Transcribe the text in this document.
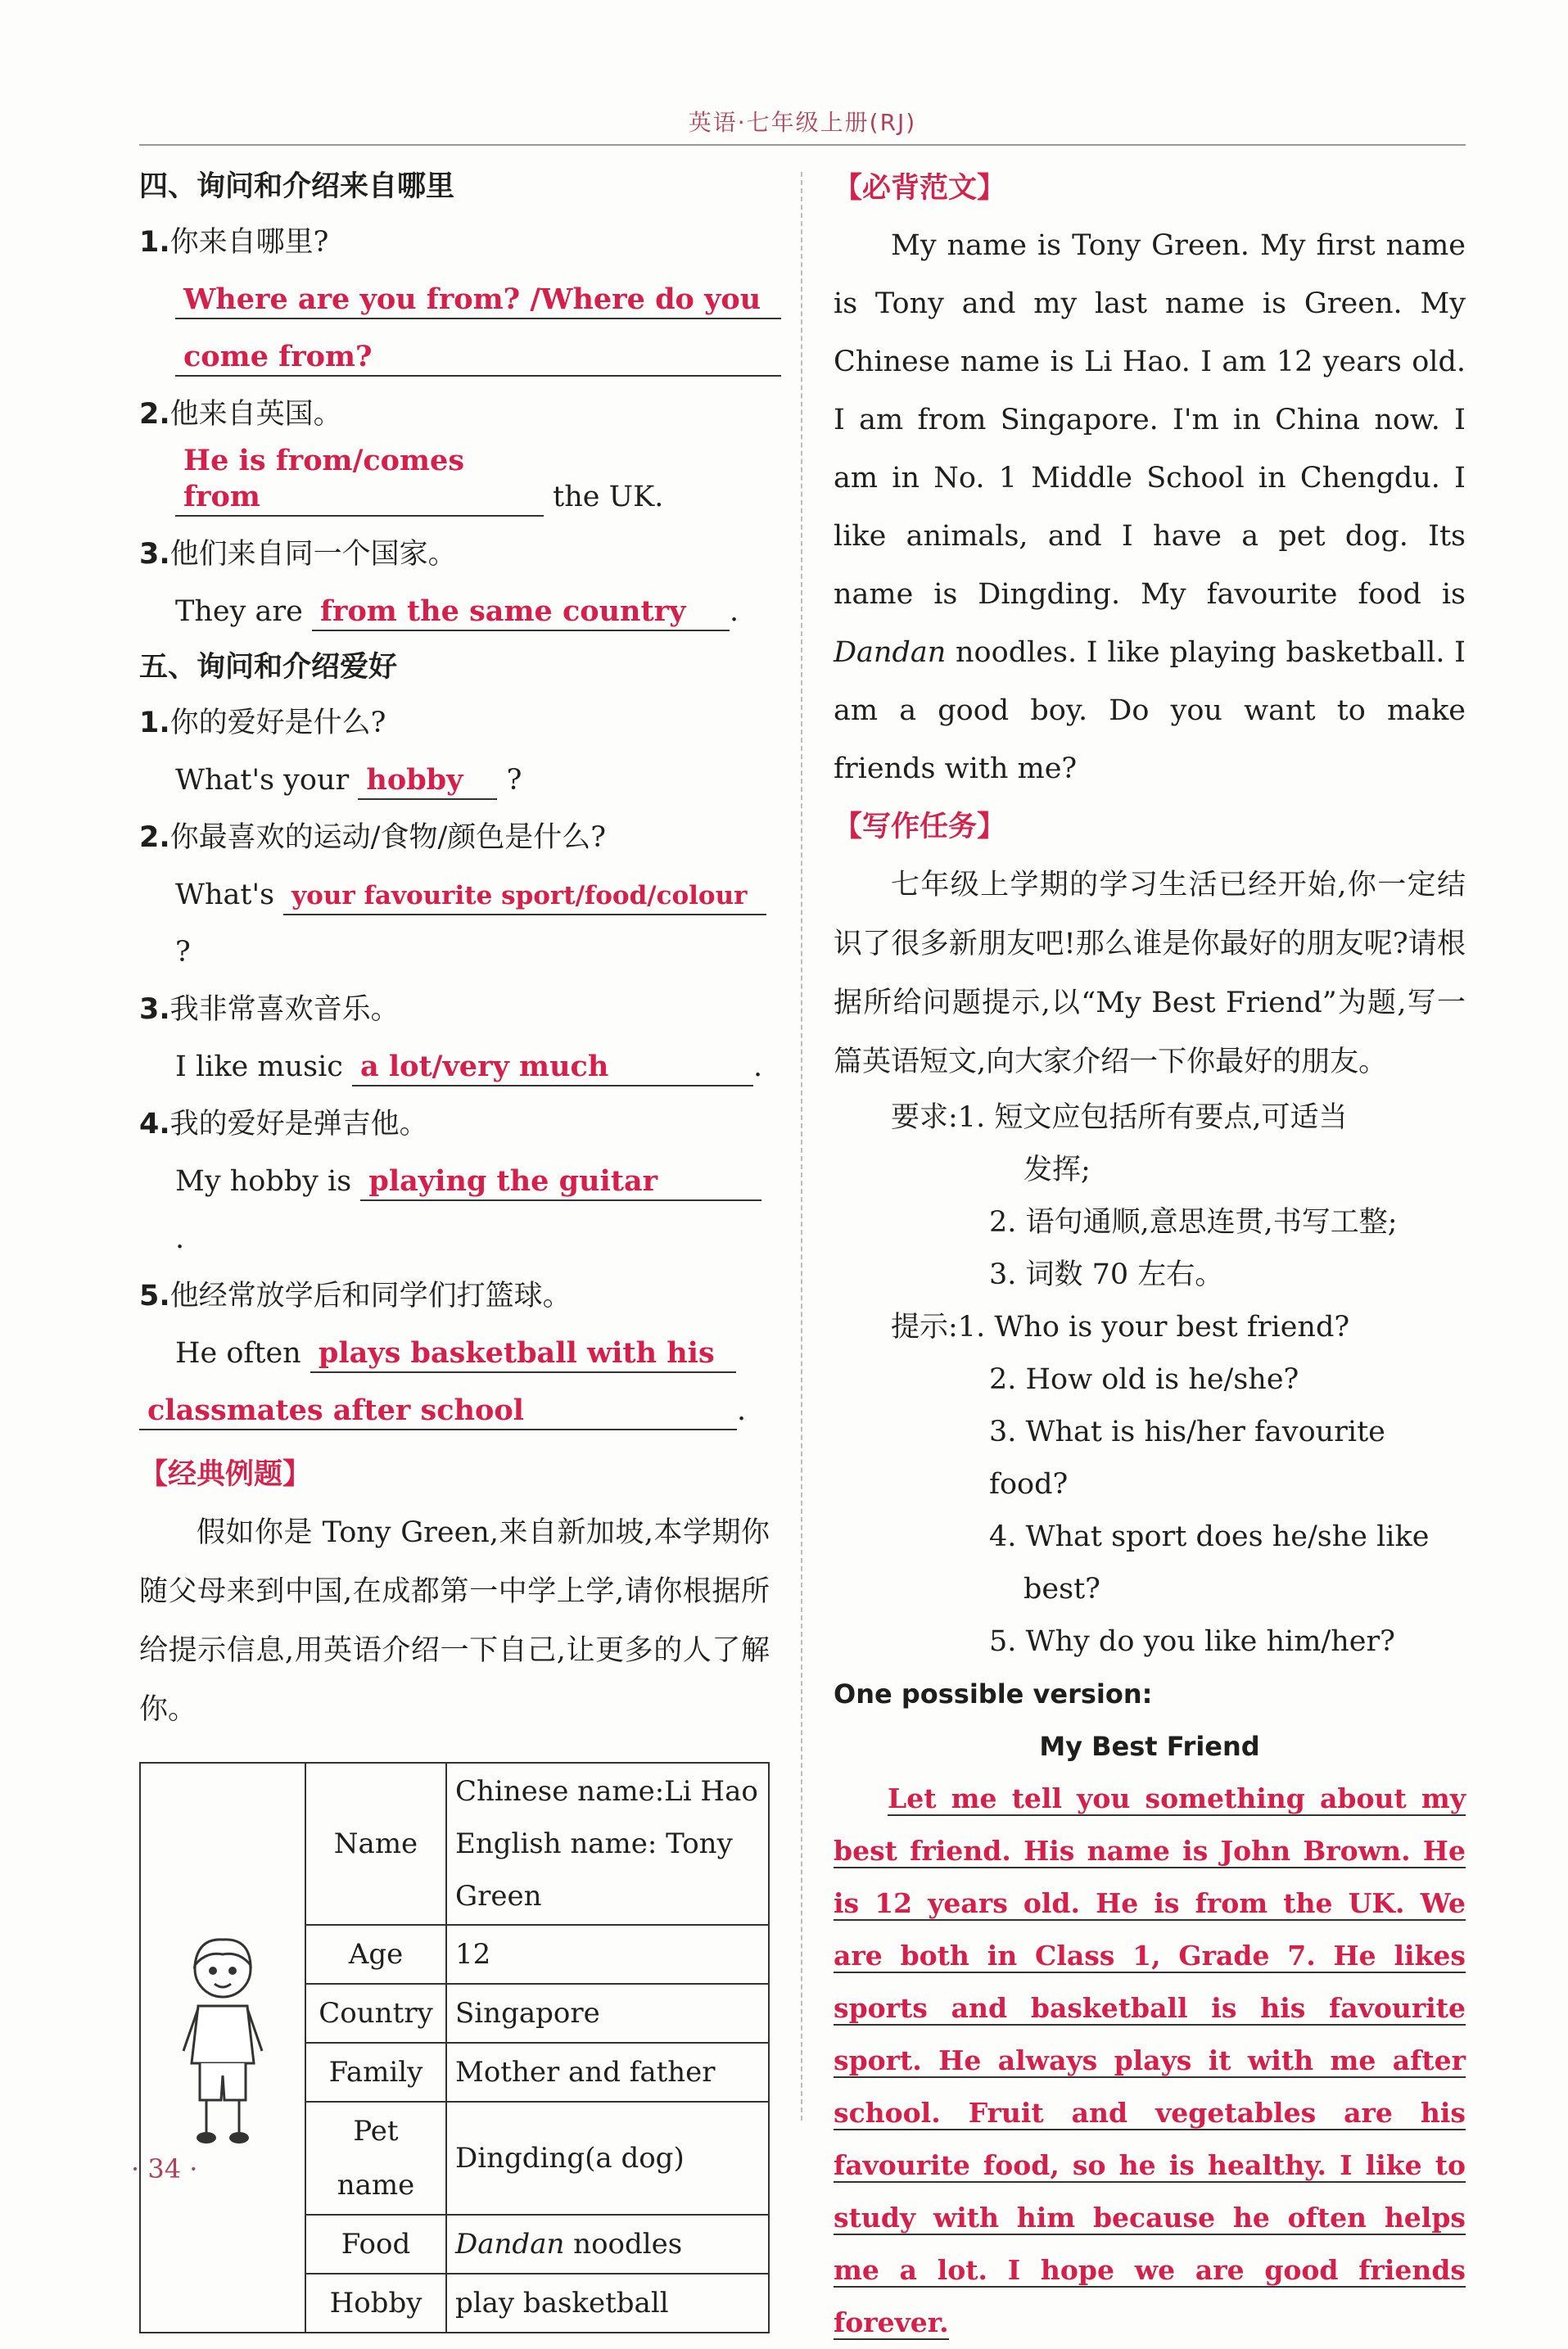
英语·七年级上册(RJ)

四、询问和介绍来自哪里

1.你来自哪里?

Where are you from? /Where do you

come from?

2.他来自英国。

He is from/comes from	the UK.

3.他们来自同一个国家。

They are from the same country .

五、询问和介绍爱好

1.你的爱好是什么?

What's your hobby ?

2.你最喜欢的运动/食物/颜色是什么?

What's your favourite sport/food/colour ?

3.我非常喜欢音乐。

I like music a lot/very much	.

4.我的爱好是弹吉他。

My hobby is playing the guitar.

5.他经常放学后和同学们打篮球。

He often plays basketball with his

classmates after school	.

【经典例题】

假如你是 Tony Green,来自新加坡,本学期你随父母来到中国,在成都第一中学上学,请你根据所给提示信息,用英语介绍一下自己,让更多的人了解你。

	Name	Chinese name:Li Hao
English name: Tony Green

	Age	12
	Country	Singapore
	Family	Mother and father
	Pet name	Dingding(a dog)
	Food	Dandan noodles
	Hobby	play basketball

【必背范文】

My name is Tony Green. My first name is Tony and my last name is Green. My Chinese name is Li Hao. I am 12 years old. I am from Singapore. I'm in China now. I am in No. 1 Middle School in Chengdu. I like animals, and I have a pet dog. Its name is Dingding. My favourite food is Dandan noodles. I like playing basketball. I am a good boy. Do you want to make friends with me?

【写作任务】

七年级上学期的学习生活已经开始,你一定结识了很多新朋友吧!那么谁是你最好的朋友呢?请根据所给问题提示,以“My Best Friend”为题,写一篇英语短文,向大家介绍一下你最好的朋友。

要求:1. 短文应包括所有要点,可适当

发挥;
2. 语句通顺,意思连贯,书写工整;
3. 词数 70 左右。

提示:1. Who is your best friend?

2. How old is he/she?
3. What is his/her favourite food?
4. What sport does he/she like
best?
5. Why do you like him/her?

One possible version:

My Best Friend

Let me tell you something about my best friend. His name is John Brown. He is 12 years old. He is from the UK. We are both in Class 1, Grade 7. He likes sports and basketball is his favourite sport. He always plays it with me after school. Fruit and vegetables are his favourite food, so he is healthy. I like to study with him because he often helps me a lot. I hope we are good friends forever.

· 34 ·
